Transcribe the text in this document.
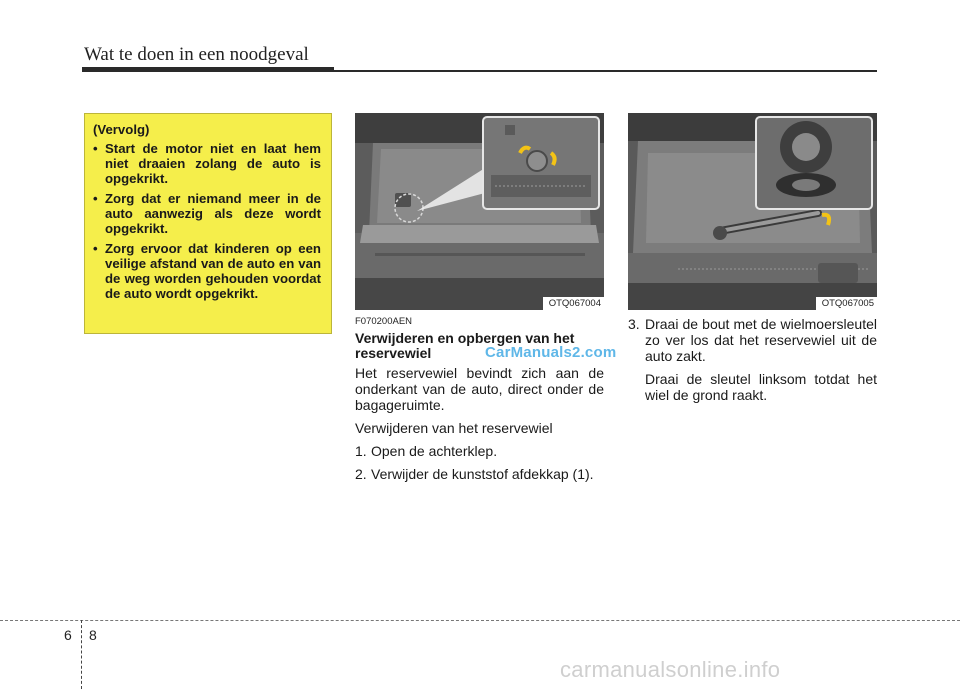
Wat te doen in een noodgeval
(Vervolg)
• Start de motor niet en laat hem niet draaien zolang de auto is opgekrikt.
• Zorg dat er niemand meer in de auto aanwezig als deze wordt opgekrikt.
• Zorg ervoor dat kinderen op een veilige afstand van de auto en van de weg worden gehouden voordat de auto wordt opgekrikt.
OTQ067004	OTQ067005
F070200AEN
Verwijderen en opbergen van het reservewiel
Het reservewiel bevindt zich aan de onderkant van de auto, direct onder de bagageruimte.
Verwijderen van het reservewiel
1. Open de achterklep.
2. Verwijder de kunststof afdekkap (1).
CarManuals2.com
3. Draai de bout met de wielmoersleutel zo ver los dat het reservewiel uit de auto zakt.
Draai de sleutel linksom totdat het wiel de grond raakt.
6 8
carmanualsonline.info
